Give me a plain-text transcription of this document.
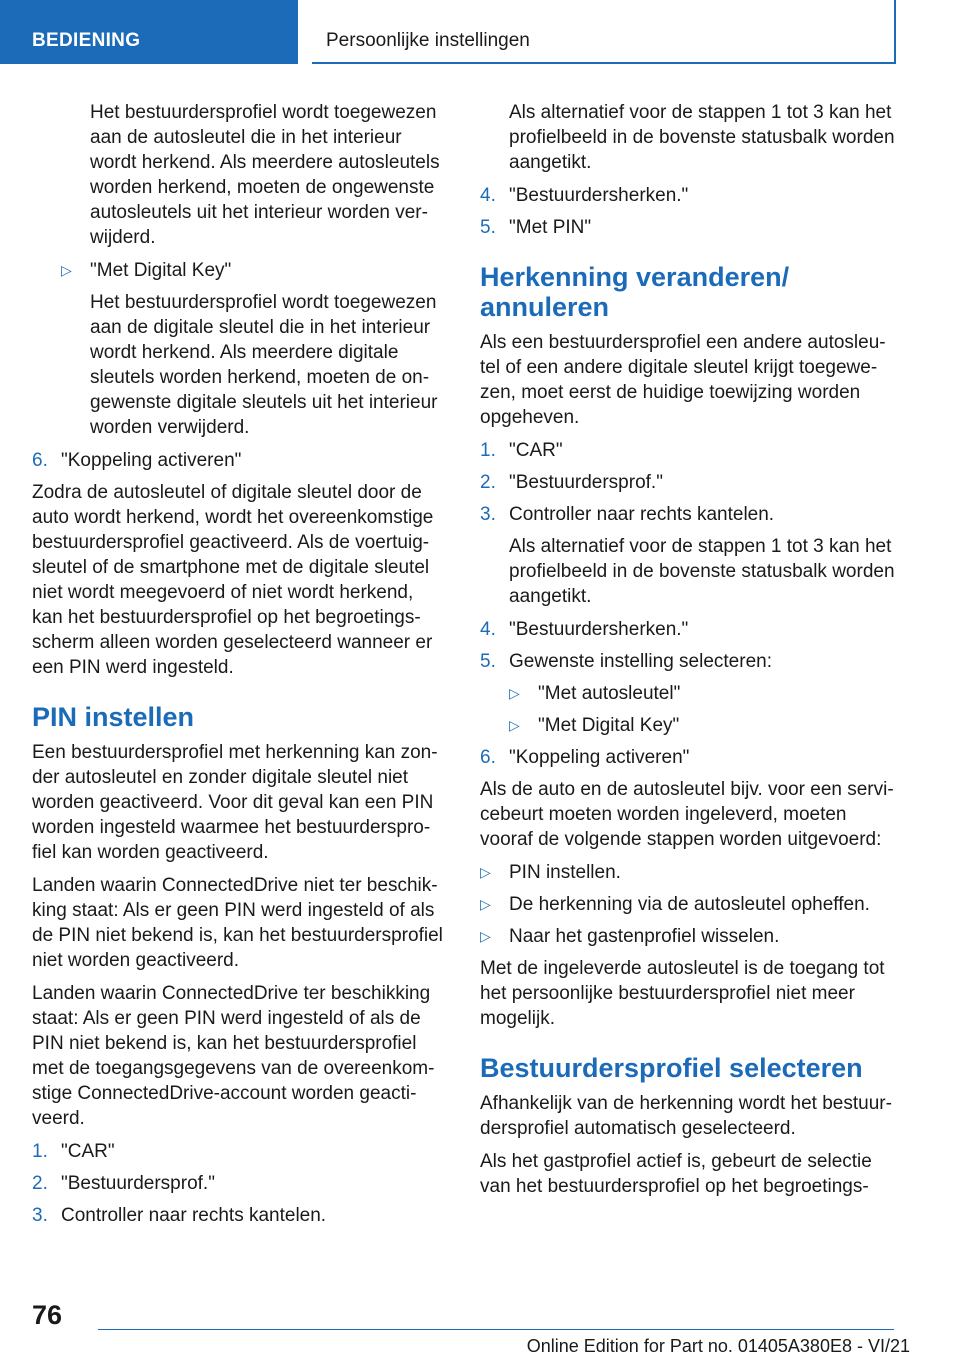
BEDIENING	Persoonlijke instellingen

Het bestuurdersprofiel wordt toegewezen aan de autosleutel die in het interieur wordt herkend. Als meerdere autosleutels worden herkend, moeten de ongewenste autosleutels uit het interieur worden verwijderd.

▷ "Met Digital Key"

Het bestuurdersprofiel wordt toegewezen aan de digitale sleutel die in het interieur wordt herkend. Als meerdere digitale sleutels worden herkend, moeten de ongewenste digitale sleutels uit het interieur worden verwijderd.

6. "Koppeling activeren"

Zodra de autosleutel of digitale sleutel door de auto wordt herkend, wordt het overeenkomstige bestuurdersprofiel geactiveerd. Als de voertuigsleutel of de smartphone met de digitale sleutel niet wordt meegevoerd of niet wordt herkend, kan het bestuurdersprofiel op het begroetingsscherm alleen worden geselecteerd wanneer er een PIN werd ingesteld.

PIN instellen

Een bestuurdersprofiel met herkenning kan zonder autosleutel en zonder digitale sleutel niet worden geactiveerd. Voor dit geval kan een PIN worden ingesteld waarmee het bestuurdersprofiel kan worden geactiveerd.

Landen waarin ConnectedDrive niet ter beschikking staat: Als er geen PIN werd ingesteld of als de PIN niet bekend is, kan het bestuurdersprofiel niet worden geactiveerd.

Landen waarin ConnectedDrive ter beschikking staat: Als er geen PIN werd ingesteld of als de PIN niet bekend is, kan het bestuurdersprofiel met de toegangsgegevens van de overeenkomstige ConnectedDrive-account worden geactiveerd.

1. "CAR"
2. "Bestuurdersprof."
3. Controller naar rechts kantelen.

Als alternatief voor de stappen 1 tot 3 kan het profielbeeld in de bovenste statusbalk worden aangetikt.

4. "Bestuurdersherken."
5. "Met PIN"
Herkenning veranderen/ annuleren

Als een bestuurdersprofiel een andere autosleutel of een andere digitale sleutel krijgt toegewezen, moet eerst de huidige toewijzing worden opgeheven.

1. "CAR"
2. "Bestuurdersprof."
3. Controller naar rechts kantelen.

Als alternatief voor de stappen 1 tot 3 kan het profielbeeld in de bovenste statusbalk worden aangetikt.

4. "Bestuurdersherken."
5. Gewenste instelling selecteren:
▷ "Met autosleutel"
▷ "Met Digital Key"
6. "Koppeling activeren"

Als de auto en de autosleutel bijv. voor een servicebeurt moeten worden ingeleverd, moeten vooraf de volgende stappen worden uitgevoerd:

▷ PIN instellen.
▷ De herkenning via de autosleutel opheffen.
▷ Naar het gastenprofiel wisselen.

Met de ingeleverde autosleutel is de toegang tot het persoonlijke bestuurdersprofiel niet meer mogelijk.

Bestuurdersprofiel selecteren

Afhankelijk van de herkenning wordt het bestuurdersprofiel automatisch geselecteerd.

Als het gastprofiel actief is, gebeurt de selectie van het bestuurdersprofiel op het begroetings-

76
Online Edition for Part no. 01405A380E8 - VI/21
